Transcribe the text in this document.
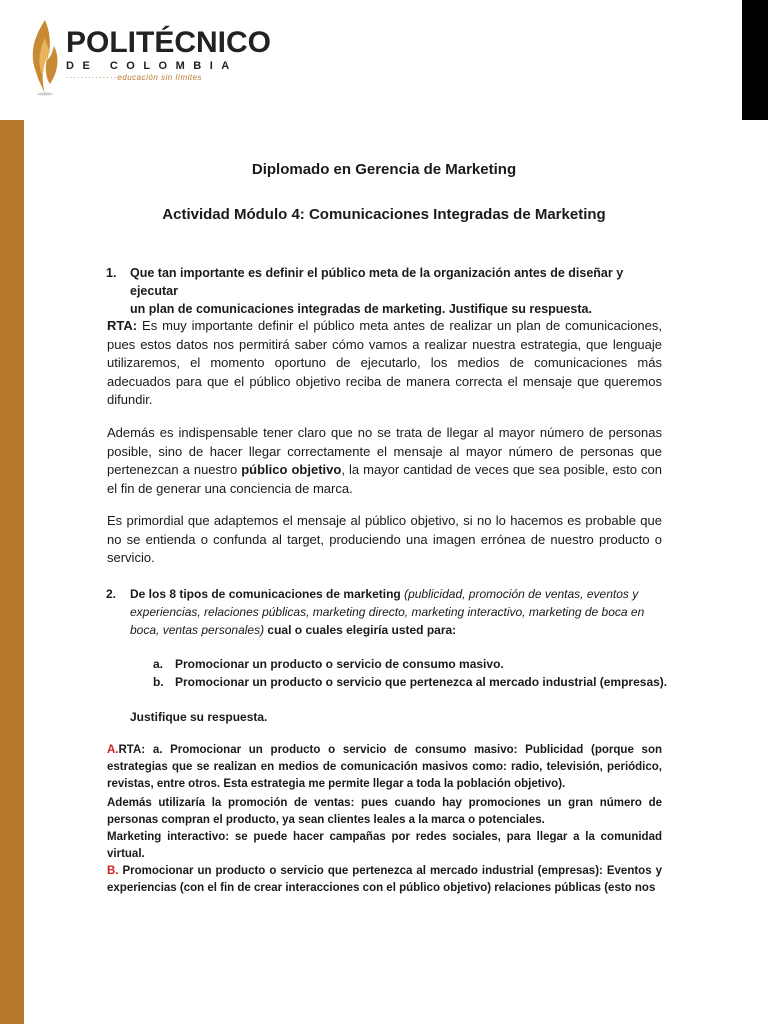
POLITÉCNICO
DE COLOMBIA
··············educación sin límites
Diplomado en Gerencia de Marketing
Actividad Módulo 4: Comunicaciones Integradas de Marketing
1. Que tan importante es definir el público meta de la organización antes de diseñar y ejecutar
un plan de comunicaciones integradas de marketing. Justifique su respuesta.
RTA: Es muy importante definir el público meta antes de realizar un plan de comunicaciones, pues estos datos nos permitirá saber cómo vamos a realizar nuestra estrategia, que lenguaje utilizaremos, el momento oportuno de ejecutarlo, los medios de comunicaciones más adecuados para que el público objetivo reciba de manera correcta el mensaje que queremos difundir.
Además es indispensable tener claro que no se trata de llegar al mayor número de personas posible, sino de hacer llegar correctamente el mensaje al mayor número de personas que pertenezcan a nuestro público objetivo, la mayor cantidad de veces que sea posible, esto con el fin de generar una conciencia de marca.
Es primordial que adaptemos el mensaje al público objetivo, si no lo hacemos es probable que no se entienda o confunda al target, produciendo una imagen errónea de nuestro producto o servicio.
2. De los 8 tipos de comunicaciones de marketing (publicidad, promoción de ventas, eventos y experiencias, relaciones públicas, marketing directo, marketing interactivo, marketing de boca en boca, ventas personales) cual o cuales elegiría usted para:
a. Promocionar un producto o servicio de consumo masivo.
b. Promocionar un producto o servicio que pertenezca al mercado industrial (empresas).
Justifique su respuesta.
A.RTA: a. Promocionar un producto o servicio de consumo masivo: Publicidad (porque son estrategias que se realizan en medios de comunicación masivos como: radio, televisión, periódico, revistas, entre otros. Esta estrategia me permite llegar a toda la población objetivo).
Además utilizaría la promoción de ventas: pues cuando hay promociones un gran número de personas compran el producto, ya sean clientes leales a la marca o potenciales.
Marketing interactivo: se puede hacer campañas por redes sociales, para llegar a la comunidad virtual.
B. Promocionar un producto o servicio que pertenezca al mercado industrial (empresas): Eventos y experiencias (con el fin de crear interacciones con el público objetivo) relaciones públicas (esto nos
